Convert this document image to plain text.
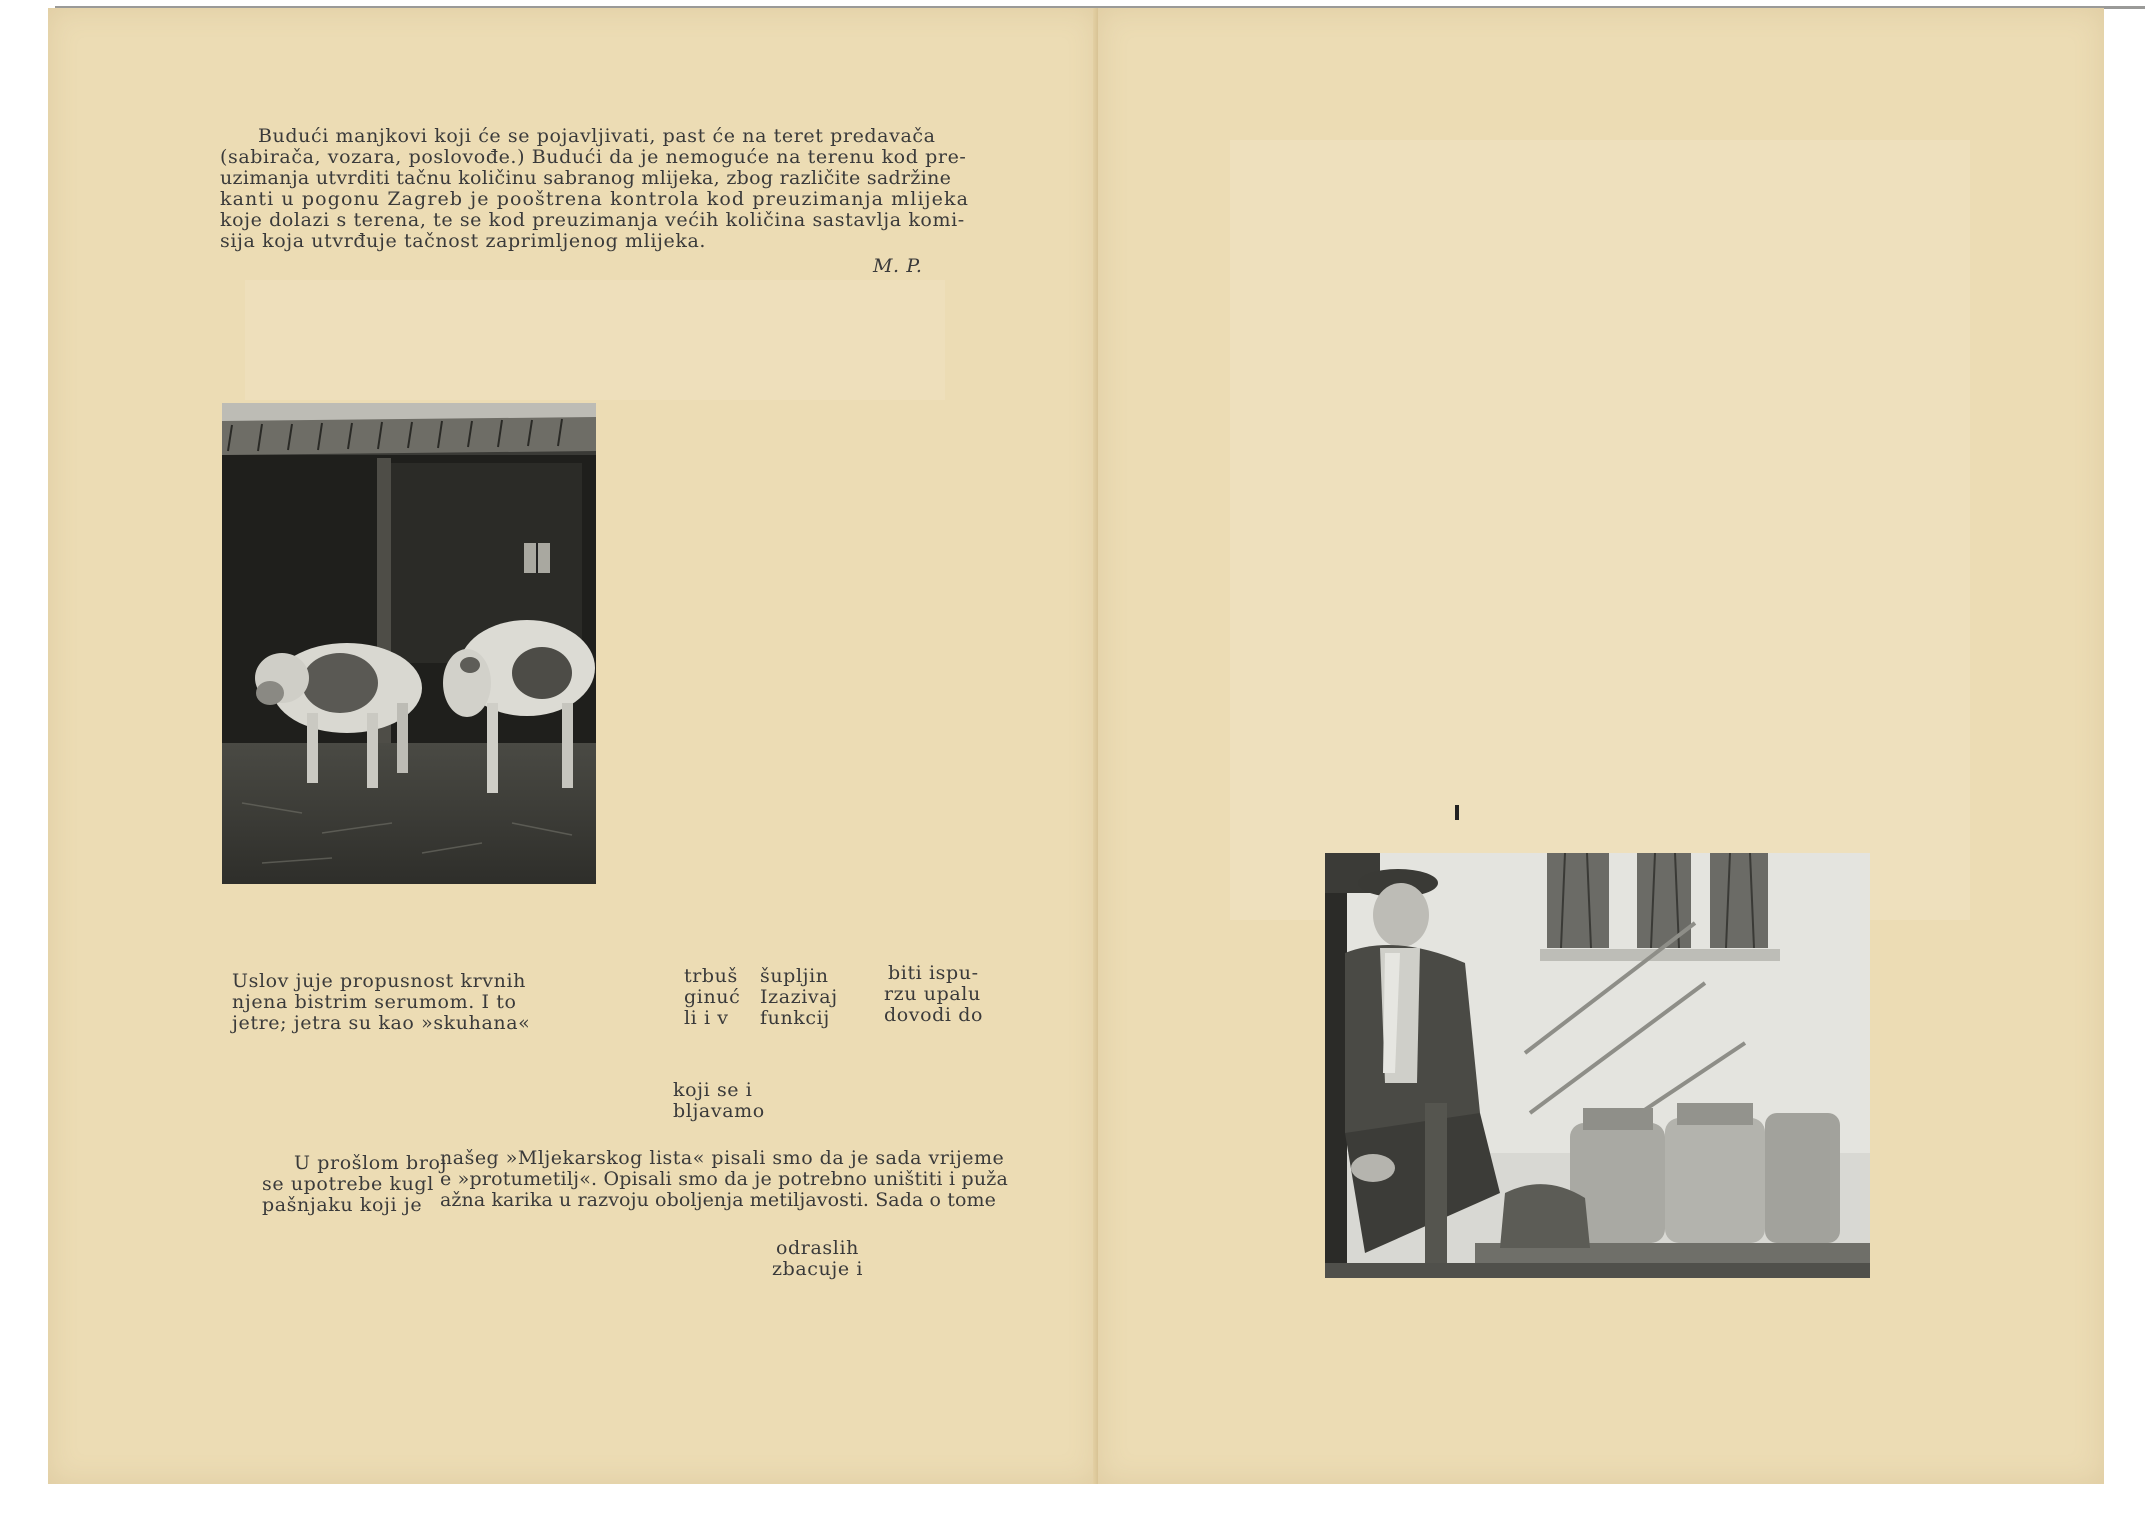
Budući manjkovi koji će se pojavljivati, past će na teret predavača
(sabirača, vozara, poslovođe.) Budući da je nemoguće na terenu kod pre-
uzimanja utvrditi tačnu količinu sabranog mlijeka, zbog različite sadržine
kanti u pogonu Zagreb je pooštrena kontrola kod preuzimanja mlijeka
koje dolazi s terena, te se kod preuzimanja većih količina sastavlja komi-
sija koja utvrđuje tačnost zaprimljenog mlijeka.
M. P.
Uslov juje propusnost krvnih
njena bistrim serumom. I to
jetre; jetra su kao »skuhana«
trbuš
ginuć
li i v
šupljin
Izazivaj
funkcij
biti ispu-
rzu upalu
dovodi do
koji se i
bljavamo
U prošlom broj
se upotrebe kugl
pašnjaku koji je
našeg »Mljekarskog lista« pisali smo da je sada vrijeme
e »protumetilj«. Opisali smo da je potrebno uništiti i puža
ažna karika u razvoju oboljenja metiljavosti. Sada o tome
odraslih
zbacuje i
